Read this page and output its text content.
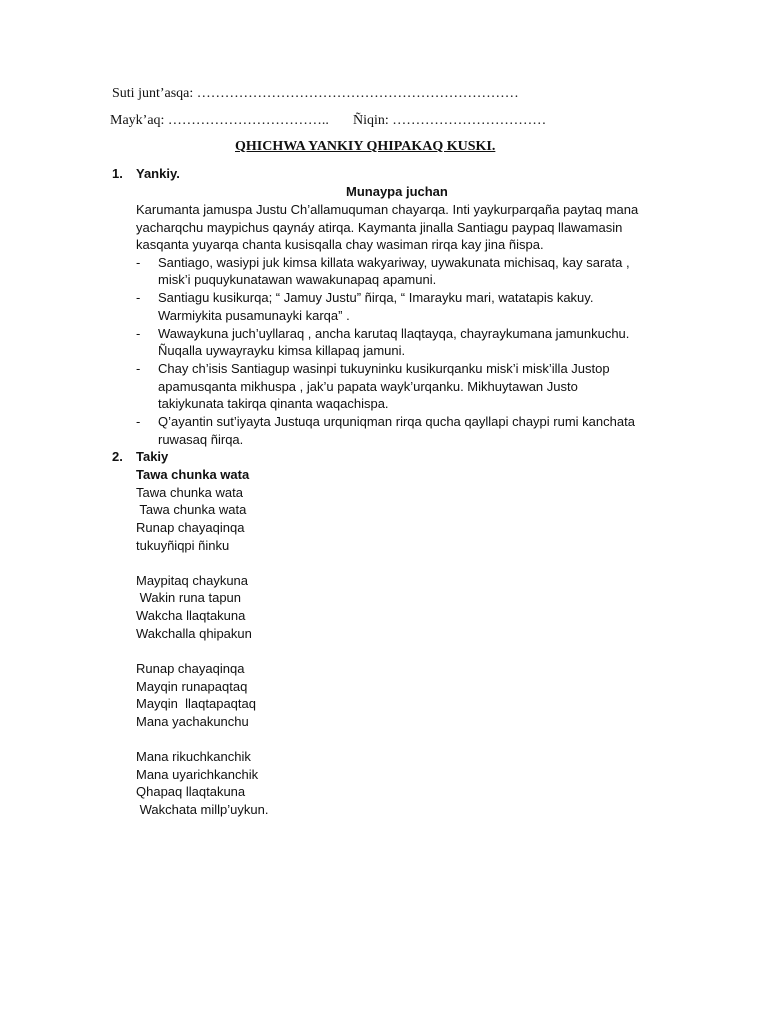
Suti junt’asqa: ……………………………………………………………
Mayk’aq: …………………………….. Ñiqin: ……………………………
QHICHWA YANKIY QHIPAKAQ KUSKI.
1. Yankiy.
Munaypa juchan
Karumanta jamuspa Justu Ch’allamuquman chayarqa. Inti yaykurparqaña paytaq mana
yacharqchu maypichus qaynáy atirqa. Kaymanta jinalla Santiagu paypaq llawamasin
kasqanta yuyarqa chanta kusisqalla chay wasiman rirqa kay jina ñispa.
- Santiago, wasiypi juk kimsa killata wakyariway, uywakunata michisaq, kay sarata ,
misk’i puquykunatawan wawakunapaq apamuni.
- Santiagu kusikurqa; “ Jamuy Justu” ñirqa, “ Imarayku mari, watatapis kakuy.
Warmiykita pusamunayki karqa” .
- Wawaykuna juch’uyllaraq , ancha karutaq llaqtayqa, chayraykumana jamunkuchu.
Ñuqalla uywayrayku kimsa killapaq jamuni.
- Chay ch’isis Santiagup wasinpi tukuyninku kusikurqanku misk’i misk’illa Justop
apamusqanta mikhuspa , jak’u papata wayk’urqanku. Mikhuytawan Justo
takiykunata takirqa qinanta waqachispa.
- Q’ayantin sut’iyayta Justuqa urquniqman rirqa qucha qayllapi chaypi rumi kanchata
ruwasaq ñirqa.
2. Takiy
Tawa chunka wata
Tawa chunka wata
Tawa chunka wata
Runap chayaqinqa
tukuyñiqpi ñinku
Maypitaq chaykuna
Wakin runa tapun
Wakcha llaqtakuna
Wakchalla qhipakun
Runap chayaqinqa
Mayqin runapaqtaq
Mayqin  llaqtapaqtaq
Mana yachakunchu
Mana rikuchkanchik
Mana uyarichkanchik
Qhapaq llaqtakuna
Wakchata millp’uykun.
